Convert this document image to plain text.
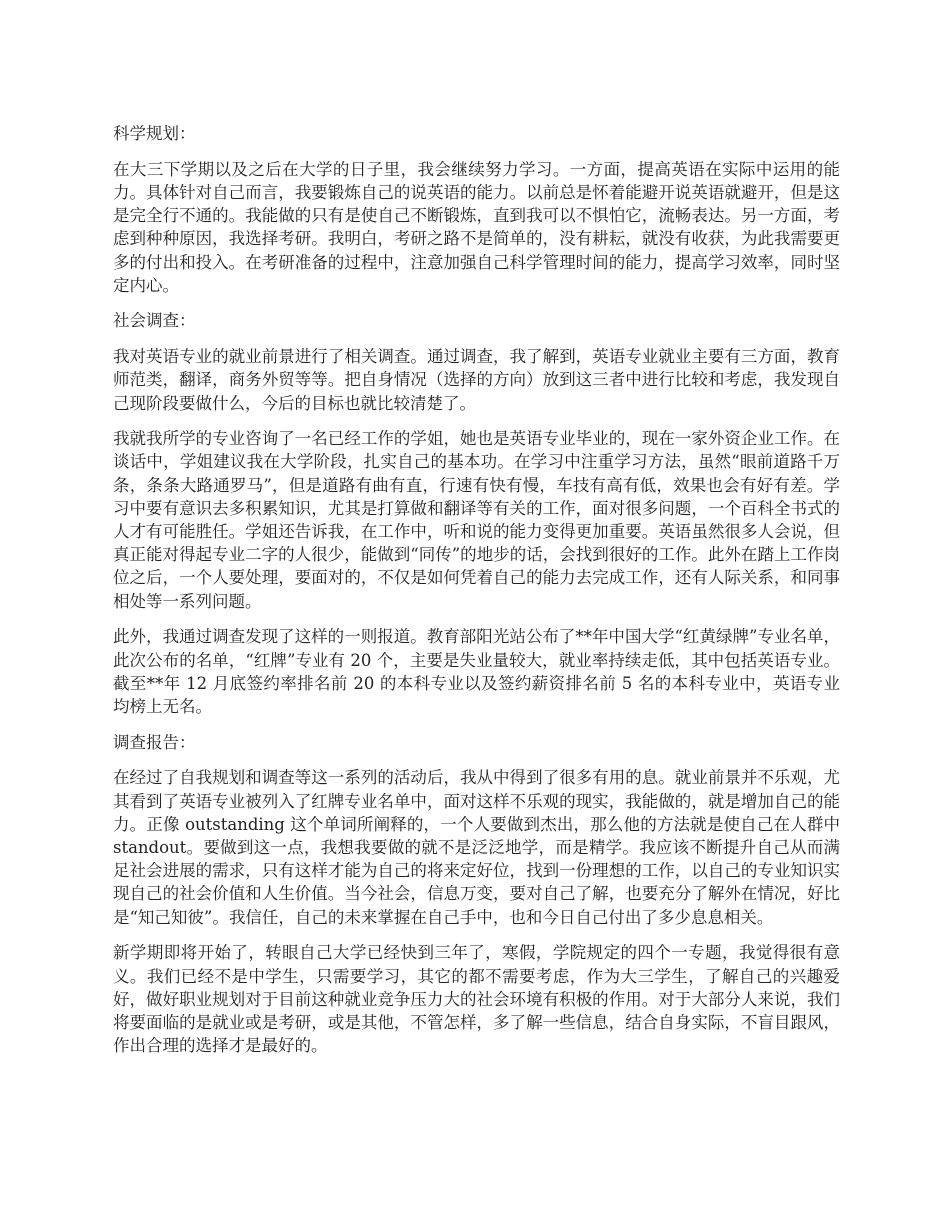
科学规划：

在大三下学期以及之后在大学的日子里，我会继续努力学习。一方面，提高英语在实际中运用的能力。具体针对自己而言，我要锻炼自己的说英语的能力。以前总是怀着能避开说英语就避开，但是这是完全行不通的。我能做的只有是使自己不断锻炼，直到我可以不惧怕它，流畅表达。另一方面，考虑到种种原因，我选择考研。我明白，考研之路不是简单的，没有耕耘，就没有收获，为此我需要更多的付出和投入。在考研准备的过程中，注意加强自己科学管理时间的能力，提高学习效率，同时坚定内心。

社会调查：

我对英语专业的就业前景进行了相关调查。通过调查，我了解到，英语专业就业主要有三方面，教育师范类，翻译，商务外贸等等。把自身情况（选择的方向）放到这三者中进行比较和考虑，我发现自己现阶段要做什么，今后的目标也就比较清楚了。

我就我所学的专业咨询了一名已经工作的学姐，她也是英语专业毕业的，现在一家外资企业工作。在谈话中，学姐建议我在大学阶段，扎实自己的基本功。在学习中注重学习方法，虽然“眼前道路千万条，条条大路通罗马”，但是道路有曲有直，行速有快有慢，车技有高有低，效果也会有好有差。学习中要有意识去多积累知识，尤其是打算做和翻译等有关的工作，面对很多问题，一个百科全书式的人才有可能胜任。学姐还告诉我，在工作中，听和说的能力变得更加重要。英语虽然很多人会说，但真正能对得起专业二字的人很少，能做到“同传”的地步的话，会找到很好的工作。此外在踏上工作岗位之后，一个人要处理，要面对的，不仅是如何凭着自己的能力去完成工作，还有人际关系，和同事相处等一系列问题。

此外，我通过调查发现了这样的一则报道。教育部阳光站公布了**年中国大学“红黄绿牌”专业名单，此次公布的名单，“红牌”专业有 20 个，主要是失业量较大，就业率持续走低，其中包括英语专业。截至**年 12 月底签约率排名前 20 的本科专业以及签约薪资排名前 5 名的本科专业中，英语专业均榜上无名。

调查报告：

在经过了自我规划和调查等这一系列的活动后，我从中得到了很多有用的息。就业前景并不乐观，尤其看到了英语专业被列入了红牌专业名单中，面对这样不乐观的现实，我能做的，就是增加自己的能力。正像 outstanding 这个单词所阐释的，一个人要做到杰出，那么他的方法就是使自己在人群中 standout。要做到这一点，我想我要做的就不是泛泛地学，而是精学。我应该不断提升自己从而满足社会进展的需求，只有这样才能为自己的将来定好位，找到一份理想的工作，以自己的专业知识实现自己的社会价值和人生价值。当今社会，信息万变，要对自己了解，也要充分了解外在情况，好比是“知己知彼”。我信任，自己的未来掌握在自己手中，也和今日自己付出了多少息息相关。

新学期即将开始了，转眼自己大学已经快到三年了，寒假，学院规定的四个一专题，我觉得很有意义。我们已经不是中学生，只需要学习，其它的都不需要考虑，作为大三学生，了解自己的兴趣爱好，做好职业规划对于目前这种就业竞争压力大的社会环境有积极的作用。对于大部分人来说，我们将要面临的是就业或是考研，或是其他，不管怎样，多了解一些信息，结合自身实际，不盲目跟风，作出合理的选择才是最好的。
